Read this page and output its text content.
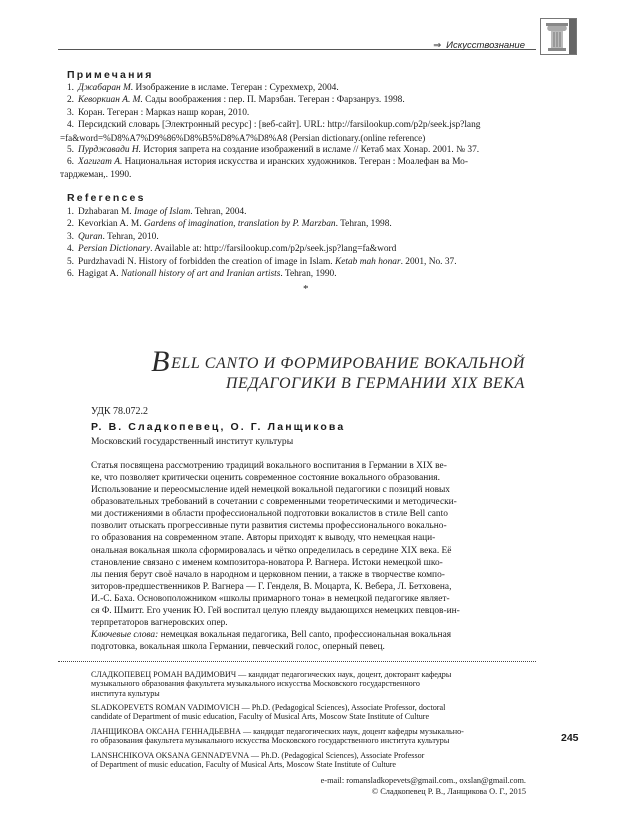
⇒ Искусствознание
Примечания
1. Джабаран М. Изображение в исламе. Тегеран : Сурехмехр, 2004.
2. Кеворкиан А. М. Сады воображения : пер. П. Марзбан. Тегеран : Фарзанруз. 1998.
3. Коран. Тегеран : Марказ нашр коран, 2010.
4. Персидский словарь [Электронный ресурс] : [веб-сайт]. URL: http://farsilookup.com/p2p/seek.jsp?lang
=fa&word=%D8%A7%D9%86%D8%B5%D8%A7%D8%A8 (Persian dictionary.(online reference)
5. Пурджавади Н. История запрета на создание изображений в исламе // Кетаб мах Хонар. 2001. № 37.
6. Хагигат А. Национальная история искусства и иранских художников. Тегеран : Моалефан ва Мо-
тарджеман,. 1990.
References
1. Dzhabaran M. Image of Islam. Tehran, 2004.
2. Kevorkian A. M. Gardens of imagination, translation by P. Marzban. Tehran, 1998.
3. Quran. Tehran, 2010.
4. Persian Dictionary. Available at: http://farsilookup.com/p2p/seek.jsp?lang=fa&word
5. Purdzhavadi N. History of forbidden the creation of image in Islam. Ketab mah honar. 2001, No. 37.
6. Hagigat A. Nationall history of art and Iranian artists. Tehran, 1990.
*
BELL CANTO И ФОРМИРОВАНИЕ ВОКАЛЬНОЙ
ПЕДАГОГИКИ В ГЕРМАНИИ XIX ВЕКА
УДК 78.072.2
Р. В. Сладкопевец, О. Г. Ланщикова
Московский государственный институт культуры
Статья посвящена рассмотрению традиций вокального воспитания в Германии в XIX ве-
ке, что позволяет критически оценить современное состояние вокального образования.
Использование и переосмысление идей немецкой вокальной педагогики с позиций новых
образовательных требований в сочетании с современными теоретическими и методически-
ми достижениями в области профессиональной подготовки вокалистов в стиле Bell canto
позволит отыскать прогрессивные пути развития системы профессионального вокально-
го образования на современном этапе. Авторы приходят к выводу, что немецкая наци-
ональная вокальная школа сформировалась и чётко определилась в середине XIX века. Её
становление связано с именем композитора-новатора Р. Вагнера. Истоки немецкой шко-
лы пения берут своё начало в народном и церковном пении, а также в творчестве компо-
зиторов-предшественников Р. Вагнера — Г. Генделя, В. Моцарта, К. Вебера, Л. Бетховена,
И.-С. Баха. Основоположником «школы примарного тона» в немецкой педагогике являет-
ся Ф. Шмитт. Его ученик Ю. Гей воспитал целую плеяду выдающихся немецких певцов-ин-
терпретаторов вагнеровских опер.
Ключевые слова: немецкая вокальная педагогика, Bell canto, профессиональная вокальная
подготовка, вокальная школа Германии, певческий голос, оперный певец.
СЛАДКОПЕВЕЦ РОМАН ВАДИМОВИЧ — кандидат педагогических наук, доцент, докторант кафедры
музыкального образования факультета музыкального искусства Московского государственного
института культуры
SLADKOPEVETS ROMAN VADIMOVICH — Ph.D. (Pedagogical Sciences), Associate Professor, doctoral
candidate of Department of music education, Faculty of Musical Arts, Moscow State Institute of Culture
ЛАНЩИКОВА ОКСАНА ГЕННАДЬЕВНА — кандидат педагогических наук, доцент кафедры музыкально-
го образования факультета музыкального искусства Московского государственного института культуры
LANSHCHIKOVA OKSANA GENNAD'EVNA — Ph.D. (Pedagogical Sciences), Associate Professor
of Department of music education, Faculty of Musical Arts, Moscow State Institute of Culture
245
e-mail: romansladkopevets@gmail.com., oxslan@gmail.com.
© Сладкопевец Р. В., Ланщикова О. Г., 2015
